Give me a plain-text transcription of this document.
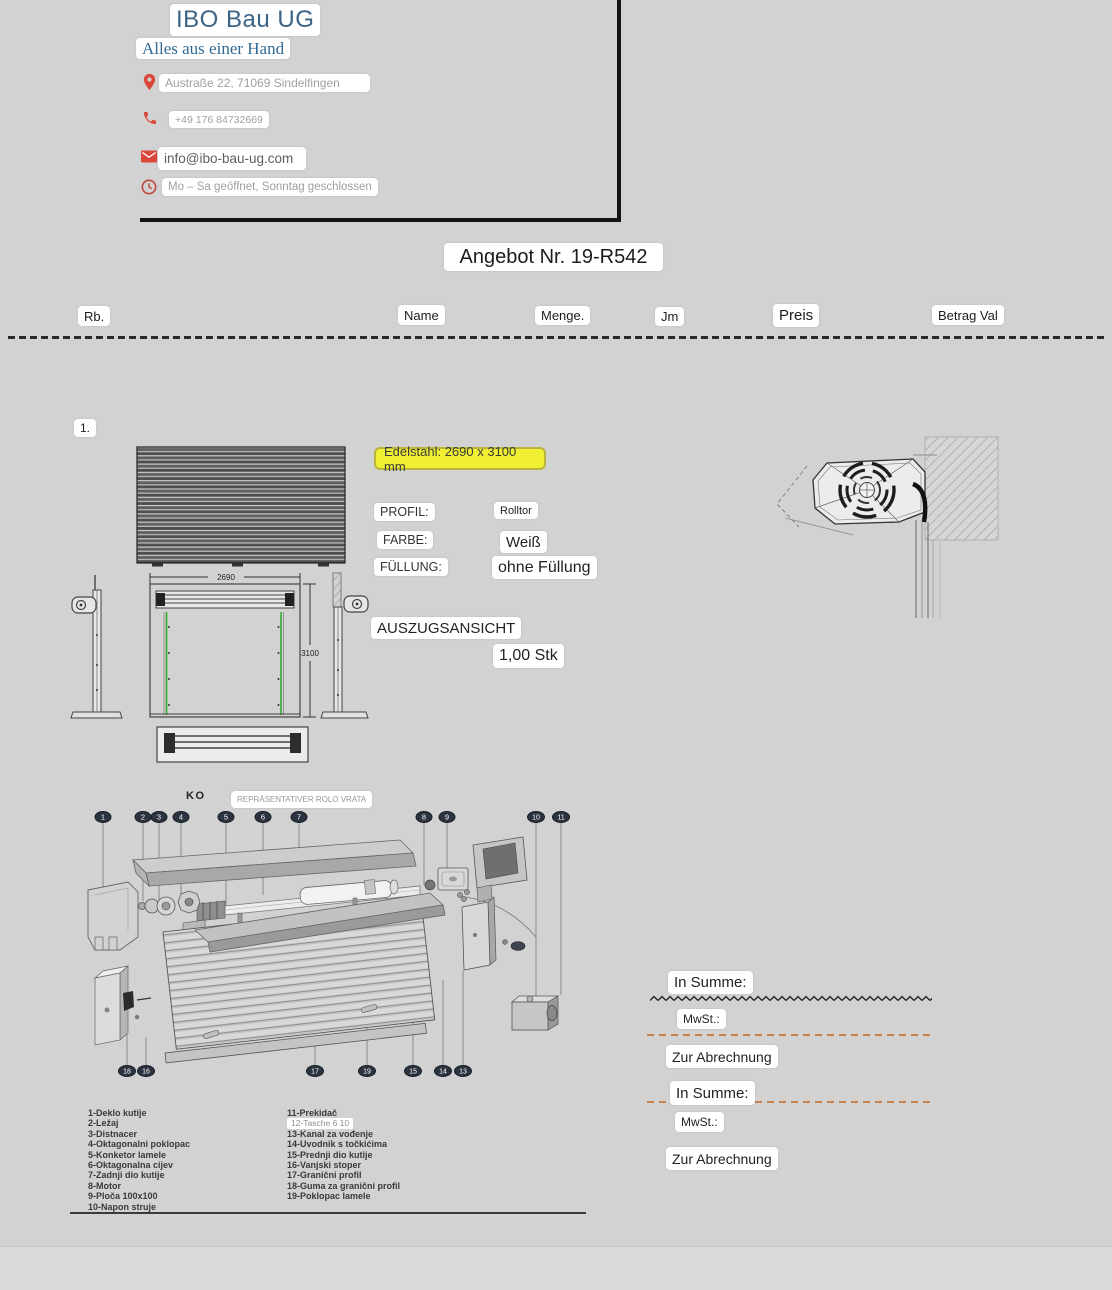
IBO Bau UG
Alles aus einer Hand
Austraße 22, 71069 Sindelfingen
+49 176 84732669
info@ibo-bau-ug.com
Mo – Sa geöffnet, Sonntag geschlossen
Angebot Nr. 19-R542
Rb.	Name	Menge.	Jm	Preis	Betrag Val
1.
Edelstahl: 2690 x 3100 mm
PROFIL:	Rolltor
FARBE:	Weiß
FÜLLUNG:	ohne Füllung
AUSZUGSANSICHT
1,00 Stk
2690
3100
KO	REPRÄSENTATIVER ROLO VRATA
1	2 3 4	5	6	7	8	9	10 11
18 16	17	19	15	14 13
1-Deklo kutije
2-Ležaj
3-Distnacer
4-Oktagonalni poklopac
5-Konketor lamele
6-Oktagonalna cijev
7-Zadnji dio kutije
8-Motor
9-Ploča 100x100
10-Napon struje
11-Prekidač
12-Tasche 6 10
13-Kanal za vođenje
14-Uvodnik s točkićima
15-Prednji dio kutije
16-Vanjski stoper
17-Granični profil
18-Guma za granični profil
19-Poklopac lamele
In Summe:
MwSt.:
Zur Abrechnung
In Summe:
MwSt.:
Zur Abrechnung
